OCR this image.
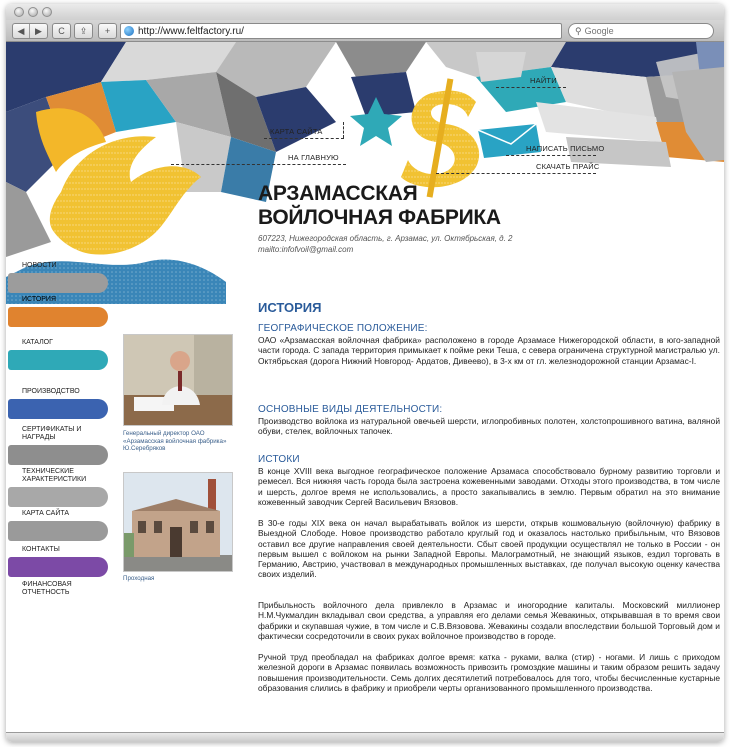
◀	▶	C	⇪	+	http://www.feltfactory.ru/	⚲
Google
НАЙТИ
КАРТА САЙТА
НАПИСАТЬ ПИСЬМО
НА ГЛАВНУЮ
СКАЧАТЬ ПРАЙС
АРЗАМАССКАЯ
ВОЙЛОЧНАЯ ФАБРИКА
607223, Нижегородская область, г. Арзамас, ул. Октябрьская, д. 2
mailto:infofvoil@gmail.com
НОВОСТИ
ИСТОРИЯ
КАТАЛОГ
ПРОИЗВОДСТВО
СЕРТИФИКАТЫ И НАГРАДЫ
ТЕХНИЧЕСКИЕ ХАРАКТЕРИСТИКИ
КАРТА САЙТА
КОНТАКТЫ
ФИНАНСОВАЯ ОТЧЕТНОСТЬ
Генеральный директор ОАО «Арзамасская войлочная фабрика» Ю.Серебряков
Проходная
ИСТОРИЯ
ГЕОГРАФИЧЕСКОЕ ПОЛОЖЕНИЕ:
ОАО «Арзамасская войлочная фабрика» расположено в городе Арзамасе Нижегородской области, в юго-западной части города. С запада территория примыкает к пойме реки Теша, с севера ограничена структурной магистралью ул. Октябрьская (дорога Нижний Новгород- Ардатов, Дивеево), в 3-х км от гл. железнодорожной станции Арзамас-I.
ОСНОВНЫЕ ВИДЫ ДЕЯТЕЛЬНОСТИ:
Производство войлока из натуральной овечьей шерсти, иглопробивных полотен, холстопрошивного ватина, валяной обуви, стелек, войлочных тапочек.
ИСТОКИ
В конце XVIII века выгодное географическое положение Арзамаса способствовало бурному развитию торговли и ремесел. Вся нижняя часть города была застроена кожевенными заводами. Отходы этого производства, в том числе и шерсть, долгое время не использовались, а просто закапывались в землю. Первым обратил на это внимание кожевенный заводчик Сергей Васильевич Вязовов.
В 30-е годы XIX века он начал вырабатывать войлок из шерсти, открыв кошмовальную (войлочную) фабрику в Выездной Слободе. Новое производство работало круглый год и оказалось настолько прибыльным, что Вязовов оставил все другие направления своей деятельности. Сбыт своей продукции осуществлял не только в России - он первым вышел с войлоком на рынки Западной Европы. Малограмотный, не знающий языков, ездил торговать в Германию, Австрию, участвовал в международных промышленных выставках, где получал высокую оценку качества своих изделий.
Прибыльность войлочного дела привлекло в Арзамас и иногородние капиталы. Московский миллионер Н.М.Чукмалдин вкладывал свои средства, а управляя его делами семья Жевакиных, открывавшая в то время свои фабрики и скупавшая чужие, в том числе и С.В.Вязовова. Жевакины создали впоследствии большой Торговый дом и фактически сосредоточили в своих руках войлочное производство в городе.
Ручной труд преобладал на фабриках долгое время: катка - руками, валка (стир) - ногами. И лишь с приходом железной дороги в Арзамас появилась возможность привозить громоздкие машины и таким образом решить задачу повышения производительности. Семь долгих десятилетий потребовалось для того, чтобы бесчисленные кустарные образования слились в фабрику и приобрели черты организованного промышленного производства.
